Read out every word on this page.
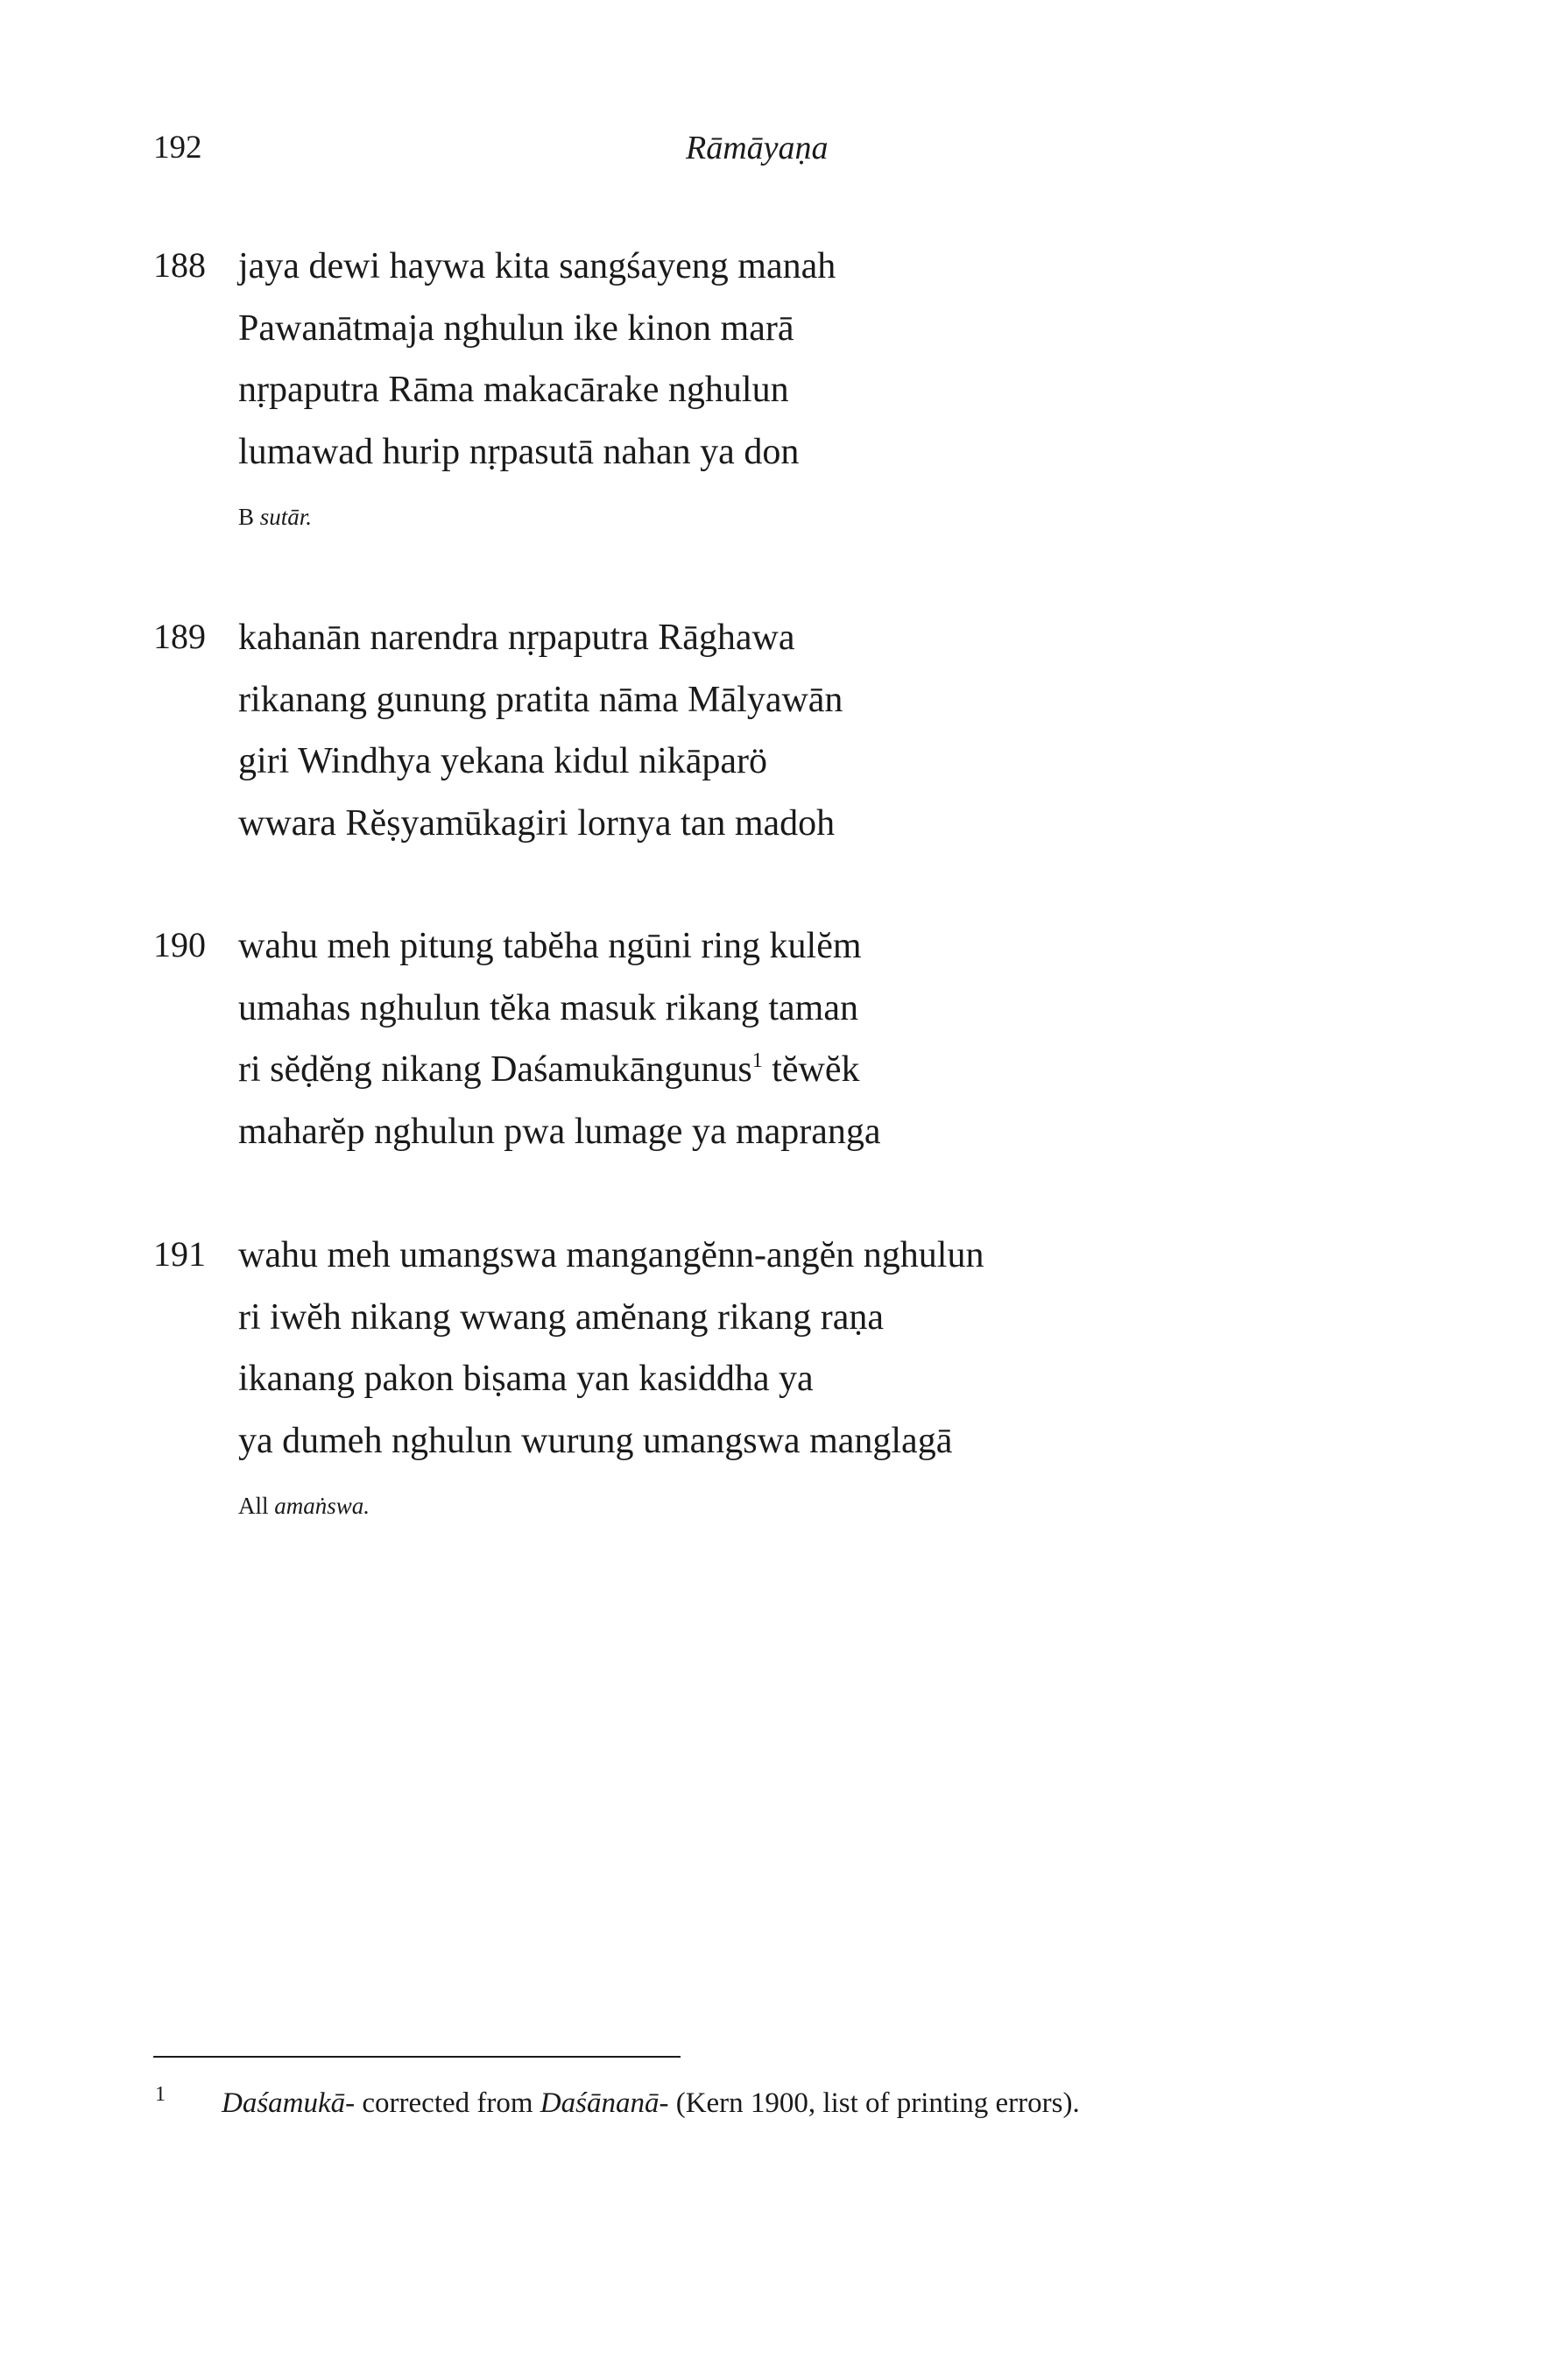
192	Rāmāyaṇa
188 jaya dewi haywa kita sangśayeng manah
Pawanātmaja nghulun ike kinon marā
nṛpaputra Rāma makacārake nghulun
lumawad hurip nṛpasutā nahan ya don
B sutār.
189 kahanān narendra nṛpaputra Rāghawa
rikanang gunung pratita nāma Mālyawān
giri Windhya yekana kidul nikāparö
wwara Rĕṣyamūkagiri lornya tan madoh
190 wahu meh pitung tabĕha ngūni ring kulĕm
umahas nghulun tĕka masuk rikang taman
ri sĕḍĕng nikang Daśamukāngunus$^1$ tĕwĕk
maharĕp nghulun pwa lumage ya mapranga
191 wahu meh umangswa mangangĕnn-angĕn nghulun
ri iwĕh nikang wwang amĕnang rikang raṇa
ikanang pakon biṣama yan kasiddha ya
ya dumeh nghulun wurung umangswa manglagā
All amaṅswa.
1 Daśamukā- corrected from Daśānanā- (Kern 1900, list of printing errors).
